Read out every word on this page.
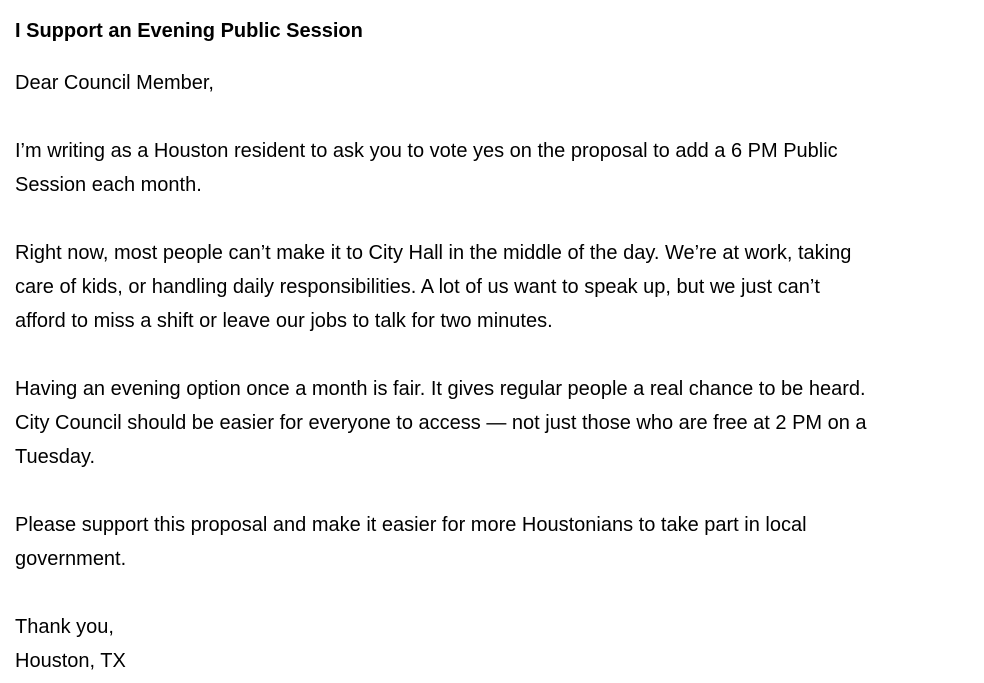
I Support an Evening Public Session

Dear Council Member,

I’m writing as a Houston resident to ask you to vote yes on the proposal to add a 6 PM Public
Session each month.

Right now, most people can’t make it to City Hall in the middle of the day. We’re at work, taking
care of kids, or handling daily responsibilities. A lot of us want to speak up, but we just can’t
afford to miss a shift or leave our jobs to talk for two minutes.

Having an evening option once a month is fair. It gives regular people a real chance to be heard.
City Council should be easier for everyone to access — not just those who are free at 2 PM on a
Tuesday.

Please support this proposal and make it easier for more Houstonians to take part in local
government.

Thank you,

Houston, TX
